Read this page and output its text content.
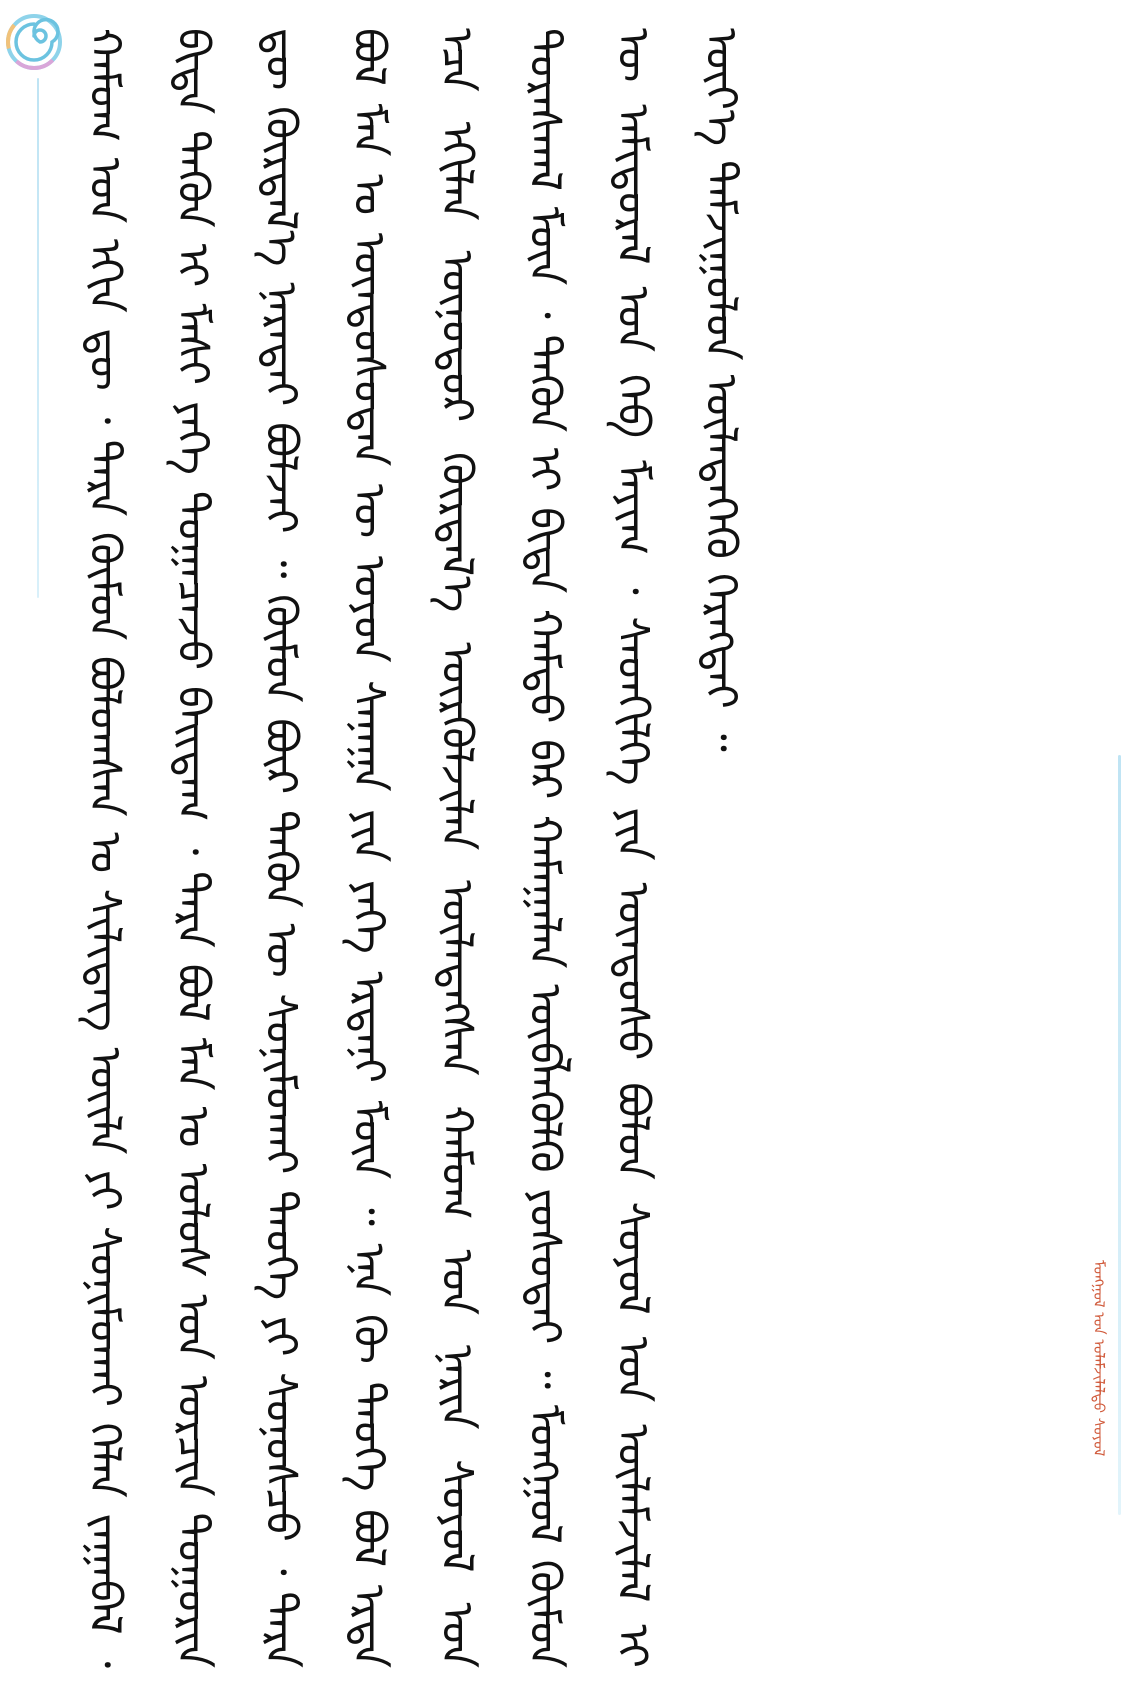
ᠮᠣᠩᠭᠣᠯ ᠤᠨ ᠤᠯᠠᠮᠵᠢᠯᠠᠯᠲᠤ ᠰᠤᠶᠤᠯ

ᠬᠠᠮᠤᠭ ᠤᠨ ᠡᠬᠢᠨ ᠳᠦ ᠂ ᠲᠡᠷᠡ ᠬᠦᠮᠦᠨ ᠪᠣᠯᠤᠭᠰᠠᠨ ᠤ ᠰᠢᠯᠢᠳᠡᠭ ᠦᠢᠯᠡ ᠶᠢ ᠰᠣᠨᠢᠮᠣᠬᠠᠢ ᠬᠡᠯᠡᠨ ᠵᠠᠭᠠᠪᠠᠯ ᠂ ᠪᠢᠳᠡ ᠲᠡᠭᠦᠨ ᠢ ᠮᠠᠰᠢ ᠶᠡᠬᠡ ᠲᠣᠭᠠᠴᠠᠵᠤ ᠪᠠᠢᠳᠠᠭ ᠂ ᠲᠡᠷᠡ ᠪᠣᠯ ᠮᠠᠨ ᠤ ᠤᠯᠤᠰ ᠤᠨ ᠣᠷᠴᠢᠨ ᠲᠣᠭᠣᠷᠢᠨ ᠳᠦ ᠬᠦᠷᠲᠡᠯ᠎ᠡ ᠨᠡᠷᠡᠲᠡᠢ ᠪᠣᠯᠵᠠᠢ ᠃

ᠬᠦᠮᠦᠨ ᠪᠦᠷ ᠲᠡᠭᠦᠨ ᠦ ᠰᠣᠨᠢᠮᠣᠬᠠᠢ ᠲᠡᠦᠬᠡ ᠶᠢ ᠰᠣᠨᠣᠰᠴᠤ ᠂ ᠲᠡᠷᠡ ᠪᠣᠯ ᠮᠠᠨ ᠤ ᠦᠨᠳᠦᠰᠦᠲᠡᠨ ᠦ ᠣᠶᠤᠨ ᠰᠠᠨᠠᠭᠠ ᠶᠢᠨ ᠶᠡᠬᠡ ᠡᠷᠳᠡᠨᠢ ᠮᠥᠨ ᠃

ᠡᠨᠡ ᠬᠦ ᠲᠡᠦᠬᠡ ᠪᠣᠯ ᠡᠷᠲᠡ ᠡᠴᠡ ᠡᠬᠢᠯᠡᠨ ᠥᠨᠥᠳᠦᠷ ᠬᠦᠷᠲᠡᠯ᠎ᠡ ᠦᠷᠬᠦᠯᠵᠢᠯᠡᠨ ᠦᠯᠡᠳᠡᠭᠰᠡᠨ ᠬᠠᠮᠤᠭ ᠤᠨ ᠨᠠᠷᠢᠨ ᠰᠣᠶᠤᠯ ᠤᠨ ᠳᠤᠷᠠᠰᠬᠠᠯ ᠮᠥᠨ ᠂ ᠲᠡᠭᠦᠨ ᠢ ᠪᠢᠳᠡ ᠬᠠᠮᠲᠤ ᠪᠡᠷ ᠬᠠᠮᠠᠭᠠᠯᠠᠨ ᠥᠪᠯᠡᠭᠦᠯᠬᠦ ᠶᠣᠰᠣᠲᠠᠢ ᠃

ᠮᠣᠩᠭᠣᠯ ᠬᠦᠮᠦᠨ ᠦ ᠠᠮᠢᠳᠤᠷᠠᠯ ᠤᠨ ᠬᠡᠪ ᠮᠠᠶᠢᠭ ᠂ ᠰᠡᠳᠬᠢᠯᠭᠡ ᠶᠢᠨ ᠦᠨᠳᠦᠰᠦ ᠪᠣᠯᠤᠨ ᠰᠣᠶᠤᠯ ᠤᠨ ᠦᠯᠡᠮᠵᠢᠯᠡᠯ ᠢ ᠦᠶ᠎ᠡ ᠳᠠᠮᠵᠢᠭᠤᠯᠤᠨ ᠦᠯᠡᠳᠡᠭᠡᠬᠦ ᠬᠡᠷᠡᠭᠲᠡᠢ ᠃
